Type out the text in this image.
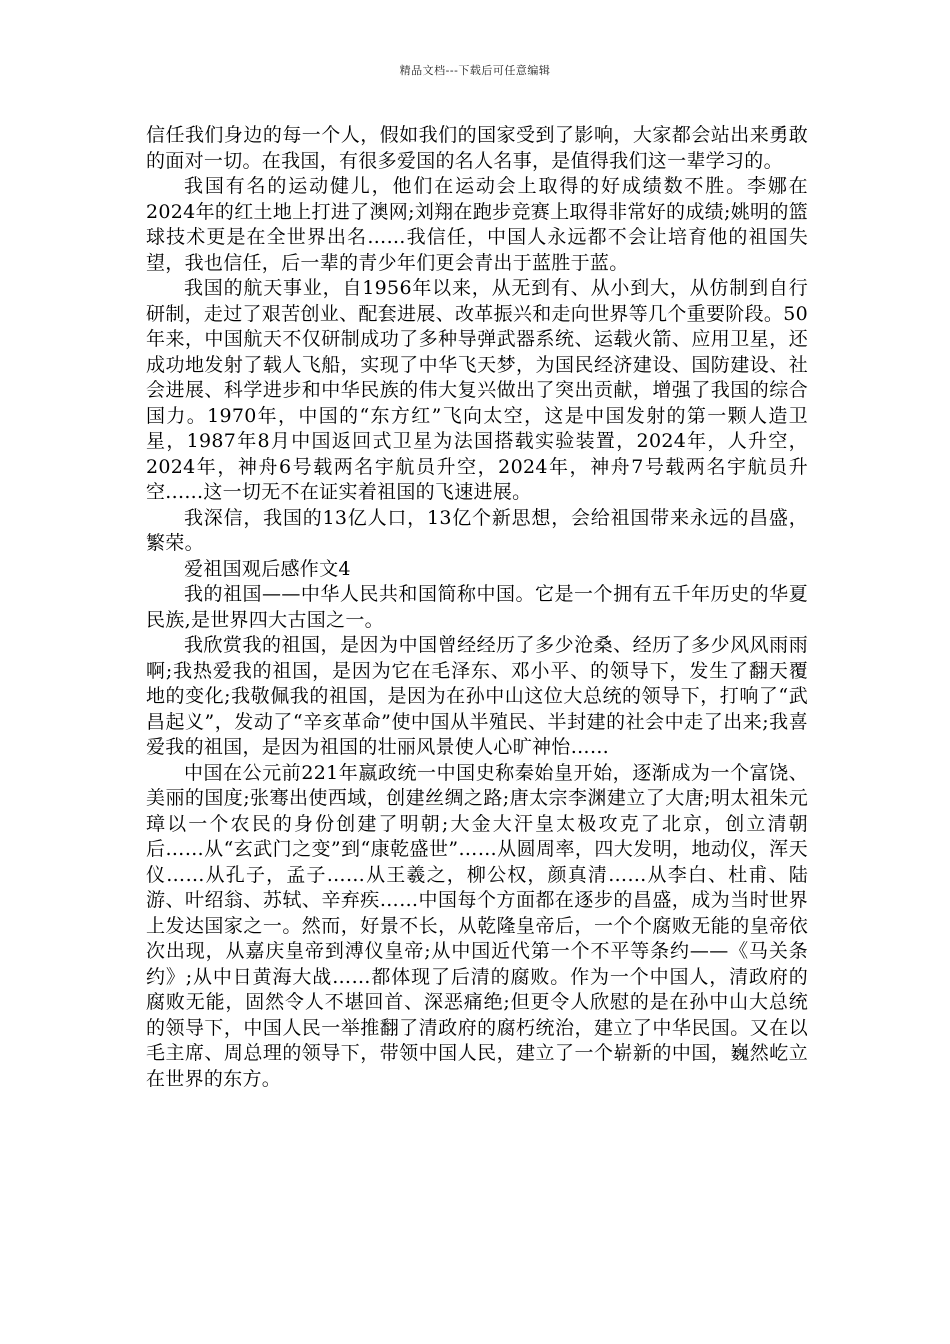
精品文档---下载后可任意编辑

信任我们身边的每一个人，假如我们的国家受到了影响，大家都会站出来勇敢的面对一切。在我国，有很多爱国的名人名事，是值得我们这一辈学习的。

我国有名的运动健儿，他们在运动会上取得的好成绩数不胜。李娜在2024年的红土地上打进了澳网;刘翔在跑步竞赛上取得非常好的成绩;姚明的篮球技术更是在全世界出名……我信任，中国人永远都不会让培育他的祖国失望，我也信任，后一辈的青少年们更会青出于蓝胜于蓝。

我国的航天事业，自1956年以来，从无到有、从小到大，从仿制到自行研制，走过了艰苦创业、配套进展、改革振兴和走向世界等几个重要阶段。50年来，中国航天不仅研制成功了多种导弹武器系统、运载火箭、应用卫星，还成功地发射了载人飞船，实现了中华飞天梦，为国民经济建设、国防建设、社会进展、科学进步和中华民族的伟大复兴做出了突出贡献，增强了我国的综合国力。1970年，中国的“东方红”飞向太空，这是中国发射的第一颗人造卫星，1987年8月中国返回式卫星为法国搭载实验装置，2024年，人升空，2024年，神舟6号载两名宇航员升空，2024年，神舟7号载两名宇航员升空......这一切无不在证实着祖国的飞速进展。

我深信，我国的13亿人口，13亿个新思想，会给祖国带来永远的昌盛，繁荣。

爱祖国观后感作文4

我的祖国——中华人民共和国简称中国。它是一个拥有五千年历史的华夏民族,是世界四大古国之一。

我欣赏我的祖国，是因为中国曾经经历了多少沧桑、经历了多少风风雨雨啊;我热爱我的祖国，是因为它在毛泽东、邓小平、的领导下，发生了翻天覆地的变化;我敬佩我的祖国，是因为在孙中山这位大总统的领导下，打响了“武昌起义”，发动了“辛亥革命”使中国从半殖民、半封建的社会中走了出来;我喜爱我的祖国，是因为祖国的壮丽风景使人心旷神怡……

中国在公元前221年嬴政统一中国史称秦始皇开始，逐渐成为一个富饶、美丽的国度;张骞出使西域，创建丝绸之路;唐太宗李渊建立了大唐;明太祖朱元璋以一个农民的身份创建了明朝;大金大汗皇太极攻克了北京，创立清朝后……从“玄武门之变”到“康乾盛世”……从圆周率，四大发明，地动仪，浑天仪……从孔子，孟子……从王羲之，柳公权，颜真清……从李白、杜甫、陆游、叶绍翁、苏轼、辛弃疾……中国每个方面都在逐步的昌盛，成为当时世界上发达国家之一。然而，好景不长，从乾隆皇帝后，一个个腐败无能的皇帝依次出现，从嘉庆皇帝到溥仪皇帝;从中国近代第一个不平等条约——《马关条约》;从中日黄海大战……都体现了后清的腐败。作为一个中国人，清政府的腐败无能，固然令人不堪回首、深恶痛绝;但更令人欣慰的是在孙中山大总统的领导下，中国人民一举推翻了清政府的腐朽统治，建立了中华民国。又在以毛主席、周总理的领导下，带领中国人民，建立了一个崭新的中国，巍然屹立在世界的东方。
